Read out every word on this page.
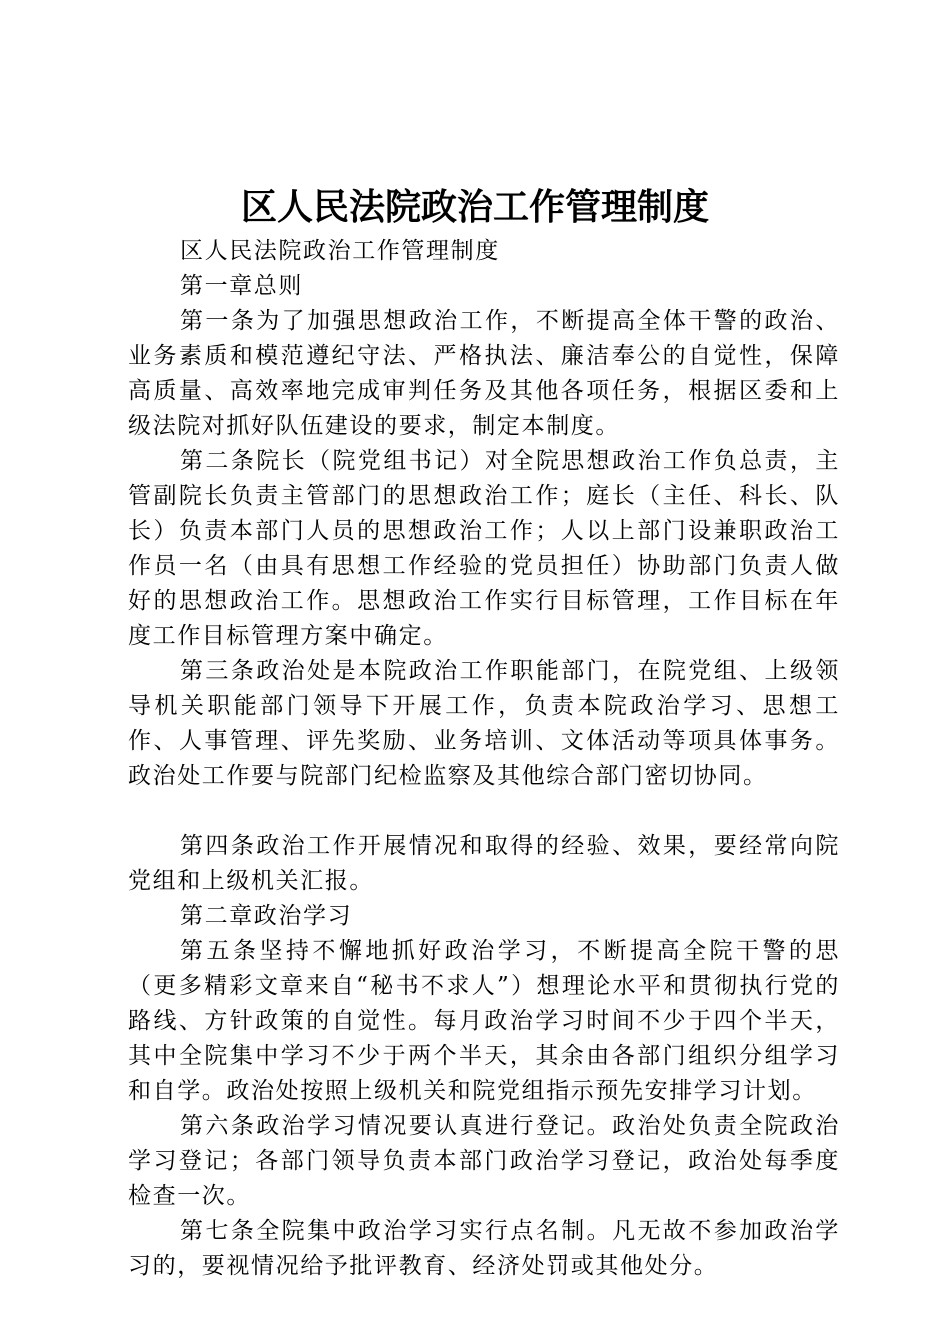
区人民法院政治工作管理制度

区人民法院政治工作管理制度

第一章总则

第一条为了加强思想政治工作，不断提高全体干警的政治、业务素质和模范遵纪守法、严格执法、廉洁奉公的自觉性，保障高质量、高效率地完成审判任务及其他各项任务，根据区委和上级法院对抓好队伍建设的要求，制定本制度。

第二条院长（院党组书记）对全院思想政治工作负总责，主管副院长负责主管部门的思想政治工作；庭长（主任、科长、队长）负责本部门人员的思想政治工作；人以上部门设兼职政治工作员一名（由具有思想工作经验的党员担任）协助部门负责人做好的思想政治工作。思想政治工作实行目标管理，工作目标在年度工作目标管理方案中确定。

第三条政治处是本院政治工作职能部门，在院党组、上级领导机关职能部门领导下开展工作，负责本院政治学习、思想工作、人事管理、评先奖励、业务培训、文体活动等项具体事务。政治处工作要与院部门纪检监察及其他综合部门密切协同。

第四条政治工作开展情况和取得的经验、效果，要经常向院党组和上级机关汇报。

第二章政治学习

第五条坚持不懈地抓好政治学习，不断提高全院干警的思（更多精彩文章来自“秘书不求人”）想理论水平和贯彻执行党的路线、方针政策的自觉性。每月政治学习时间不少于四个半天，其中全院集中学习不少于两个半天，其余由各部门组织分组学习和自学。政治处按照上级机关和院党组指示预先安排学习计划。

第六条政治学习情况要认真进行登记。政治处负责全院政治学习登记；各部门领导负责本部门政治学习登记，政治处每季度检查一次。

第七条全院集中政治学习实行点名制。凡无故不参加政治学习的，要视情况给予批评教育、经济处罚或其他处分。
